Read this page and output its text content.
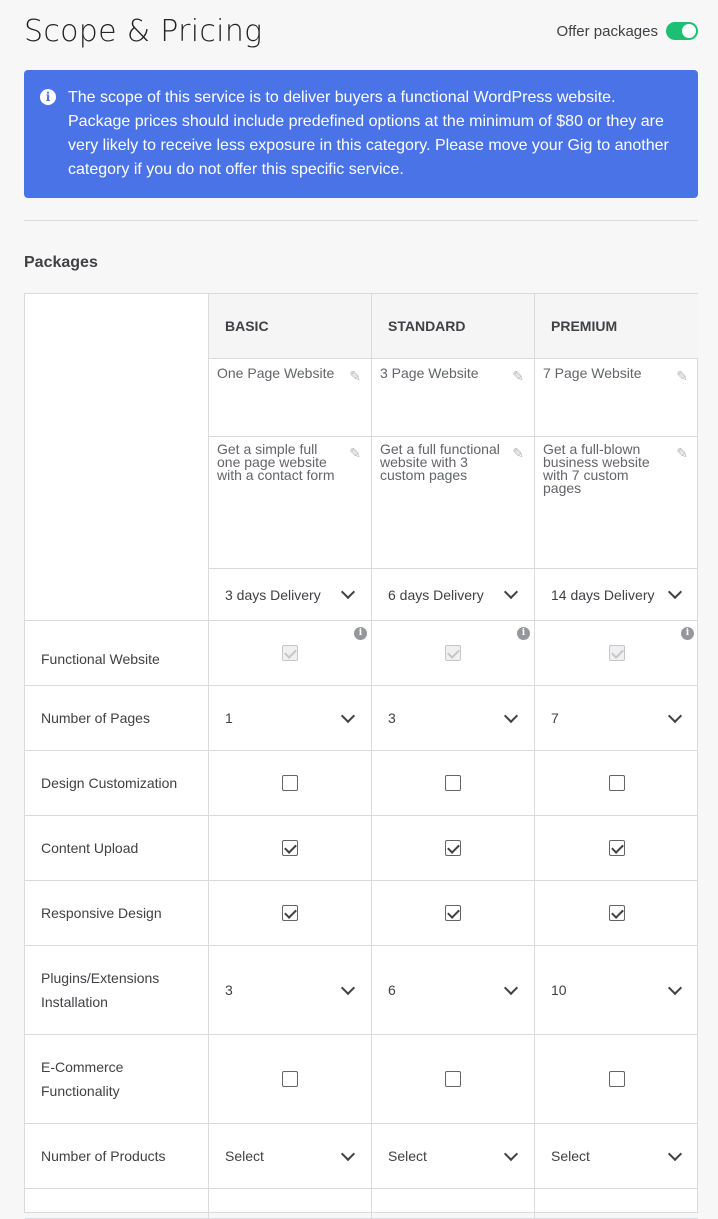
Scope & Pricing	Offer packages
i	The scope of this service is to deliver buyers a functional WordPress website. Package prices should include predefined options at the minimum of $80 or they are very likely to receive less exposure in this category. Please move your Gig to another category if you do not offer this specific service.
Packages
Functional Website
Number of Pages
Design Customization
Content Upload
Responsive Design
Plugins/Extensions Installation
E-Commerce Functionality
Number of Products
BASIC
One Page Website ✎
Get a simple full one page website with a contact form
✎
3 days Delivery
i
1
3
Select
STANDARD
3 Page Website ✎
Get a full functional website with 3 custom pages
✎
6 days Delivery
i
3
6
Select
PREMIUM
7 Page Website ✎
Get a full-blown business website with 7 custom pages
✎
14 days Delivery
i
7
10
Select
